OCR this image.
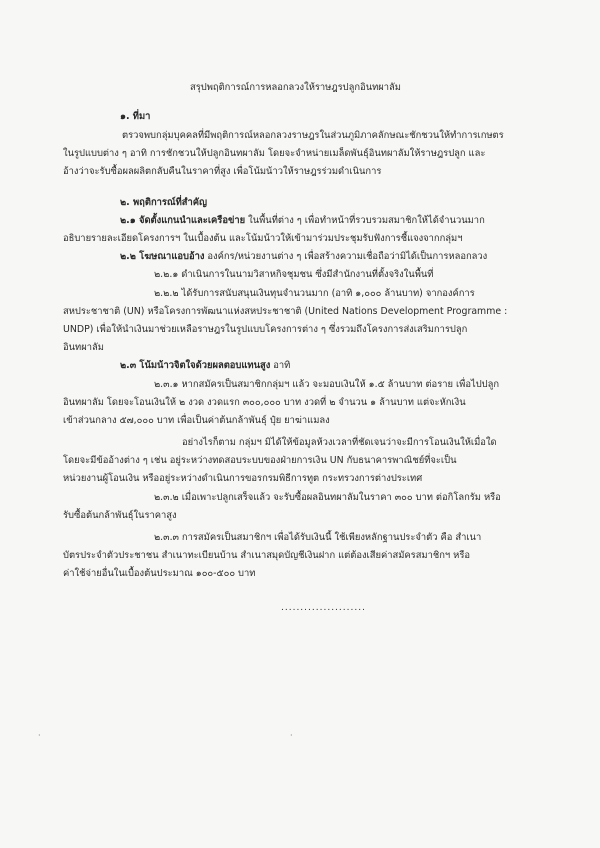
สรุปพฤติการณ์การหลอกลวงให้ราษฎรปลูกอินทผาลัม

๑. ที่มา

ตรวจพบกลุ่มบุคคลที่มีพฤติการณ์หลอกลวงราษฎรในส่วนภูมิภาคลักษณะชักชวนให้ทำการเกษตร

ในรูปแบบต่าง ๆ อาทิ การชักชวนให้ปลูกอินทผาลัม โดยจะจำหน่ายเมล็ดพันธุ์อินทผาลัมให้ราษฎรปลูก และ

อ้างว่าจะรับซื้อผลผลิตกลับคืนในราคาที่สูง เพื่อโน้มน้าวให้ราษฎรร่วมดำเนินการ

๒. พฤติการณ์ที่สำคัญ

๒.๑ จัดตั้งแกนนำและเครือข่าย ในพื้นที่ต่าง ๆ เพื่อทำหน้าที่รวบรวมสมาชิกให้ได้จำนวนมาก

อธิบายรายละเอียดโครงการฯ ในเบื้องต้น และโน้มน้าวให้เข้ามาร่วมประชุมรับฟังการชี้แจงจากกลุ่มฯ

๒.๒ โฆษณาแอบอ้าง องค์กร/หน่วยงานต่าง ๆ เพื่อสร้างความเชื่อถือว่ามิได้เป็นการหลอกลวง

๒.๒.๑ ดำเนินการในนามวิสาหกิจชุมชน ซึ่งมีสำนักงานที่ตั้งจริงในพื้นที่

๒.๒.๒ ได้รับการสนับสนุนเงินทุนจำนวนมาก (อาทิ ๑,๐๐๐ ล้านบาท) จากองค์การ

สหประชาชาติ (UN) หรือโครงการพัฒนาแห่งสหประชาชาติ (United Nations Development Programme :

UNDP) เพื่อให้นำเงินมาช่วยเหลือราษฎรในรูปแบบโครงการต่าง ๆ ซึ่งรวมถึงโครงการส่งเสริมการปลูก

อินทผาลัม

๒.๓ โน้มน้าวจิตใจด้วยผลตอบแทนสูง อาทิ

๒.๓.๑ หากสมัครเป็นสมาชิกกลุ่มฯ แล้ว จะมอบเงินให้ ๑.๕ ล้านบาท ต่อราย เพื่อไปปลูก

อินทผาลัม โดยจะโอนเงินให้ ๒ งวด งวดแรก ๓๐๐,๐๐๐ บาท งวดที่ ๒ จำนวน ๑ ล้านบาท แต่จะหักเงิน

เข้าส่วนกลาง ๕๗,๐๐๐ บาท เพื่อเป็นค่าต้นกล้าพันธุ์ ปุ๋ย ยาฆ่าแมลง

อย่างไรก็ตาม กลุ่มฯ มิได้ให้ข้อมูลห้วงเวลาที่ชัดเจนว่าจะมีการโอนเงินให้เมื่อใด

โดยจะมีข้ออ้างต่าง ๆ เช่น อยู่ระหว่างทดสอบระบบของฝ่ายการเงิน UN กับธนาคารพาณิชย์ที่จะเป็น

หน่วยงานผู้โอนเงิน หรืออยู่ระหว่างดำเนินการขอรกรมพิธีการทูต กระทรวงการต่างประเทศ

๒.๓.๒ เมื่อเพาะปลูกเสร็จแล้ว จะรับซื้อผลอินทผาลัมในราคา ๓๐๐ บาท ต่อกิโลกรัม หรือ

รับซื้อต้นกล้าพันธุ์ในราคาสูง

๒.๓.๓ การสมัครเป็นสมาชิกฯ เพื่อได้รับเงินนี้ ใช้เพียงหลักฐานประจำตัว คือ สำเนา

บัตรประจำตัวประชาชน สำเนาทะเบียนบ้าน สำเนาสมุดบัญชีเงินฝาก แต่ต้องเสียค่าสมัครสมาชิกฯ หรือ

ค่าใช้จ่ายอื่นในเบื้องต้นประมาณ ๑๐๐-๕๐๐ บาท

......................
·	·
